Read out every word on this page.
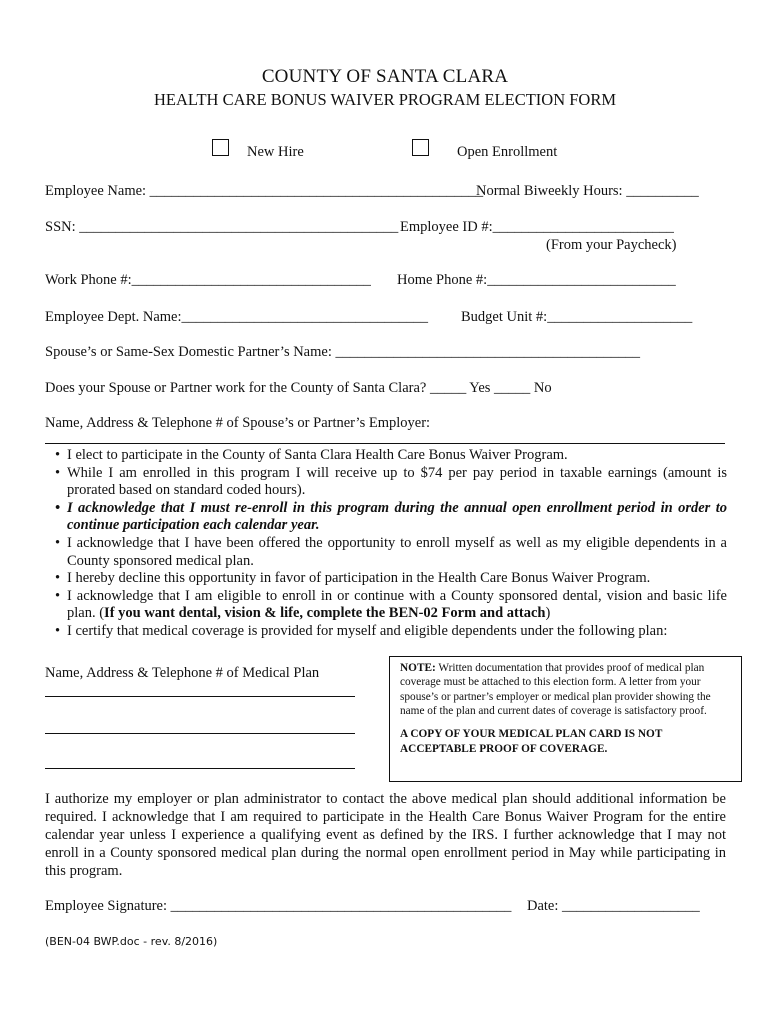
COUNTY OF SANTA CLARA
HEALTH CARE BONUS WAIVER PROGRAM ELECTION FORM
New Hire	Open Enrollment
Employee Name: ______________________________________________
Normal Biweekly Hours: __________
SSN: ____________________________________________ Employee ID #:_________________________
(From your Paycheck)
Work Phone #:_________________________________ Home Phone #:__________________________
Employee Dept. Name:__________________________________ Budget Unit #:____________________
Spouse’s or Same-Sex Domestic Partner’s Name: __________________________________________
Does your Spouse or Partner work for the County of Santa Clara? _____ Yes _____ No
Name, Address & Telephone # of Spouse’s or Partner’s Employer:
• I elect to participate in the County of Santa Clara Health Care Bonus Waiver Program.
• While I am enrolled in this program I will receive up to $74 per pay period in taxable earnings (amount is prorated based on standard coded hours).
• I acknowledge that I must re-enroll in this program during the annual open enrollment period in order to continue participation each calendar year.
• I acknowledge that I have been offered the opportunity to enroll myself as well as my eligible dependents in a County sponsored medical plan.
• I hereby decline this opportunity in favor of participation in the Health Care Bonus Waiver Program.
• I acknowledge that I am eligible to enroll in or continue with a County sponsored dental, vision and basic life plan. (If you want dental, vision & life, complete the BEN-02 Form and attach)
• I certify that medical coverage is provided for myself and eligible dependents under the following plan:
Name, Address & Telephone # of Medical Plan	NOTE: Written documentation that provides proof of medical plan coverage must be attached to this election form. A letter from your spouse’s or partner’s employer or medical plan provider showing the name of the plan and current dates of coverage is satisfactory proof.
A COPY OF YOUR MEDICAL PLAN CARD IS NOT ACCEPTABLE PROOF OF COVERAGE.
I authorize my employer or plan administrator to contact the above medical plan should additional information be required. I acknowledge that I am required to participate in the Health Care Bonus Waiver Program for the entire calendar year unless I experience a qualifying event as defined by the IRS. I further acknowledge that I may not enroll in a County sponsored medical plan during the normal open enrollment period in May while participating in this program.
Employee Signature: _______________________________________________ Date: ___________________
(BEN-04 BWP.doc - rev. 8/2016)
